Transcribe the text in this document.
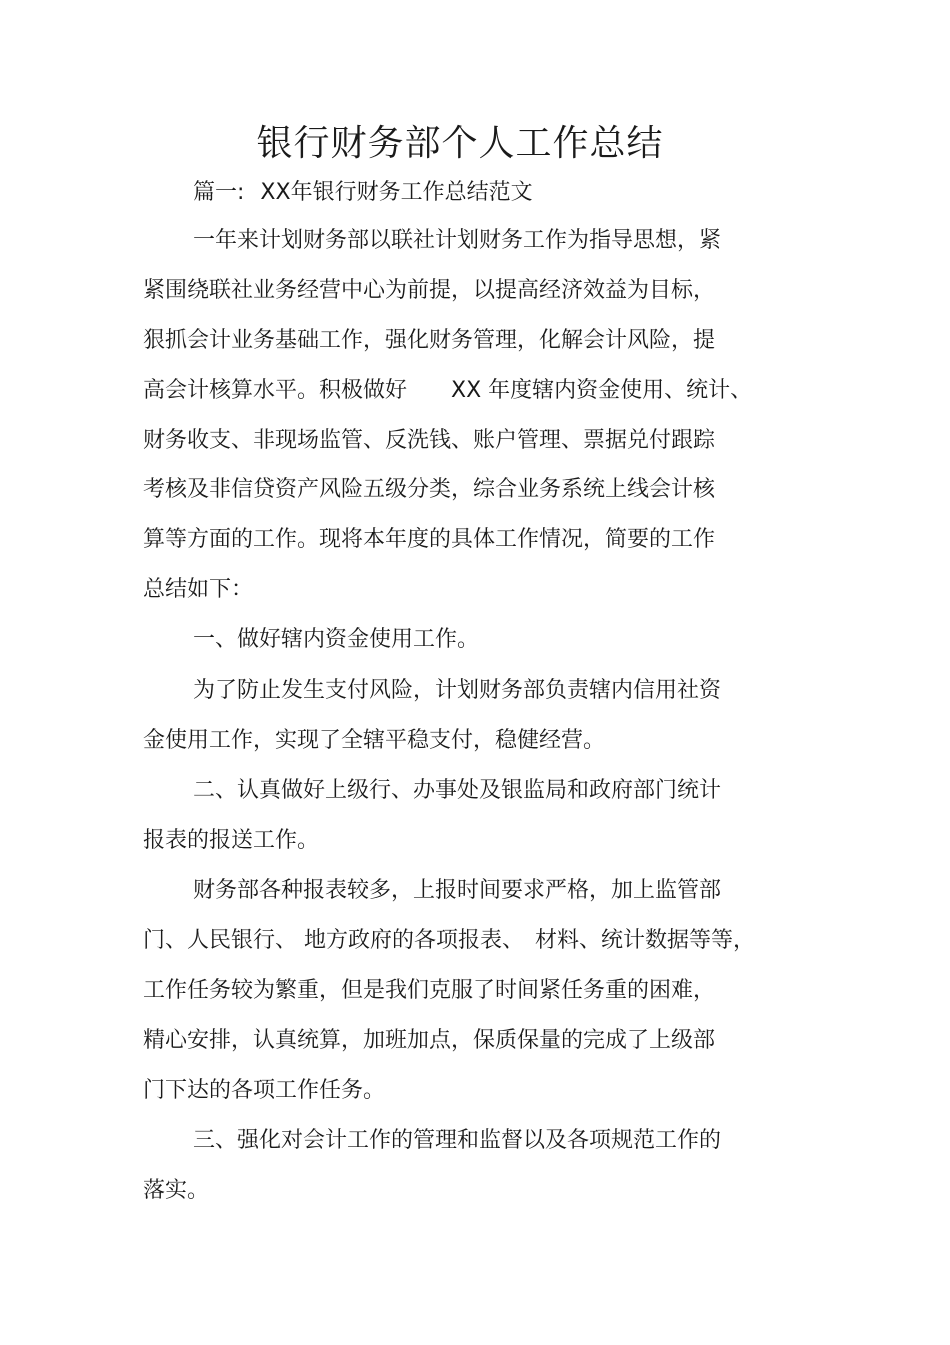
银行财务部个人工作总结
篇一: XX年银行财务工作总结范文
一年来计划财务部以联社计划财务工作为指导思想，紧
紧围绕联社业务经营中心为前提，以提高经济效益为目标，
狠抓会计业务基础工作，强化财务管理，化解会计风险，提
高会计核算水平。积极做好　　XX 年度辖内资金使用、统计、
财务收支、非现场监管、反洗钱、账户管理、票据兑付跟踪
考核及非信贷资产风险五级分类，综合业务系统上线会计核
算等方面的工作。现将本年度的具体工作情况，简要的工作
总结如下：
一、做好辖内资金使用工作。
为了防止发生支付风险，计划财务部负责辖内信用社资
金使用工作，实现了全辖平稳支付，稳健经营。
二、认真做好上级行、办事处及银监局和政府部门统计
报表的报送工作。
财务部各种报表较多，上报时间要求严格，加上监管部
门、人民银行、 地方政府的各项报表、　材料、统计数据等等，
工作任务较为繁重，但是我们克服了时间紧任务重的困难，
精心安排，认真统算，加班加点，保质保量的完成了上级部
门下达的各项工作任务。
三、强化对会计工作的管理和监督以及各项规范工作的
落实。
